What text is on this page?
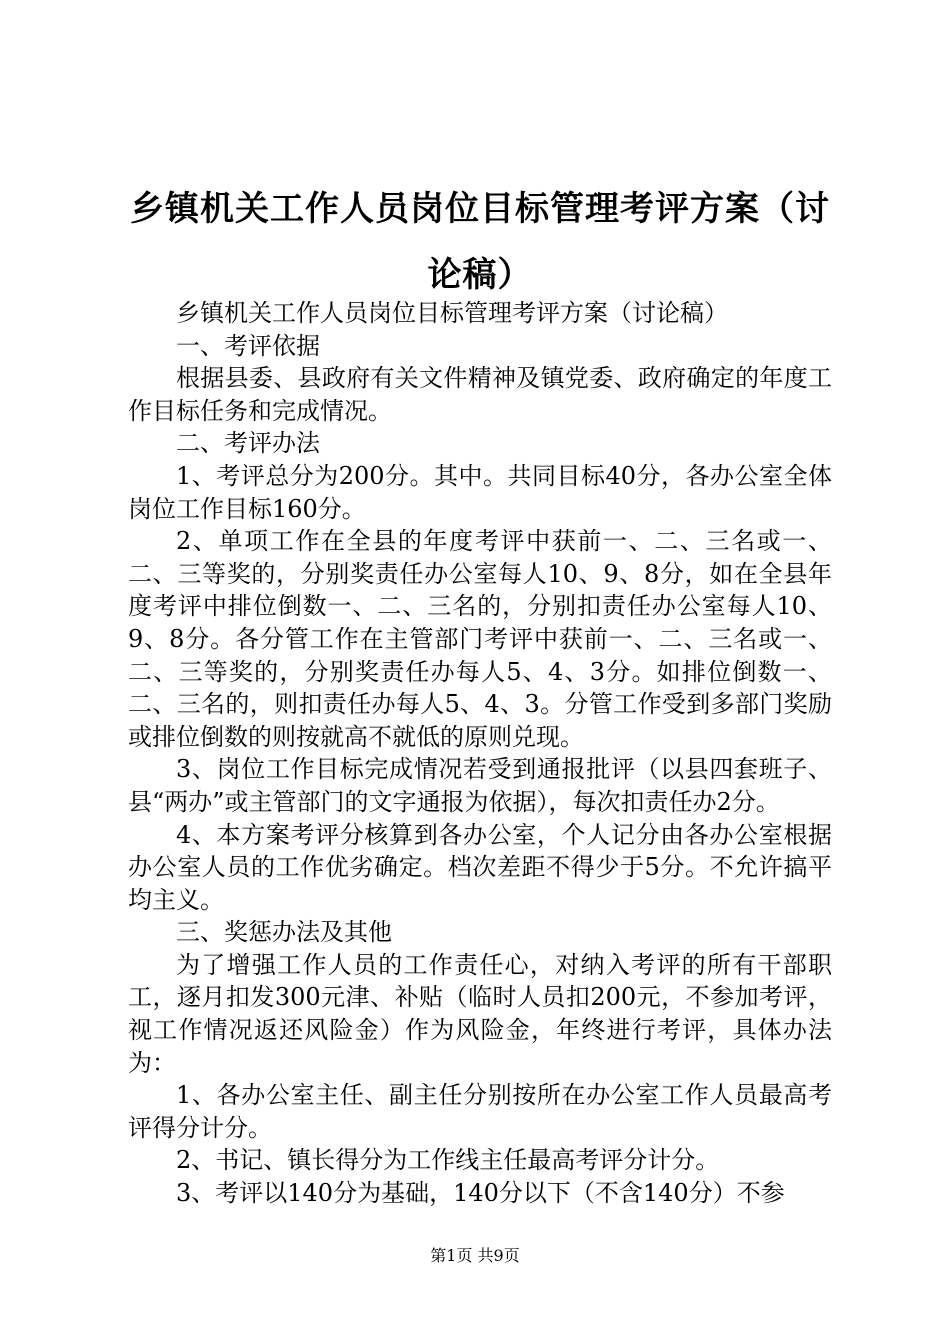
乡镇机关工作人员岗位目标管理考评方案（讨论稿）

乡镇机关工作人员岗位目标管理考评方案（讨论稿）

一、考评依据

根据县委、县政府有关文件精神及镇党委、政府确定的年度工作目标任务和完成情况。

二、考评办法

1、考评总分为200分。其中。共同目标40分，各办公室全体岗位工作目标160分。

2、单项工作在全县的年度考评中获前一、二、三名或一、二、三等奖的，分别奖责任办公室每人10、9、8分，如在全县年度考评中排位倒数一、二、三名的，分别扣责任办公室每人10、9、8分。各分管工作在主管部门考评中获前一、二、三名或一、二、三等奖的，分别奖责任办每人5、4、3分。如排位倒数一、二、三名的，则扣责任办每人5、4、3。分管工作受到多部门奖励或排位倒数的则按就高不就低的原则兑现。

3、岗位工作目标完成情况若受到通报批评（以县四套班子、县“两办”或主管部门的文字通报为依据），每次扣责任办2分。

4、本方案考评分核算到各办公室，个人记分由各办公室根据办公室人员的工作优劣确定。档次差距不得少于5分。不允许搞平均主义。

三、奖惩办法及其他

为了增强工作人员的工作责任心，对纳入考评的所有干部职工，逐月扣发300元津、补贴（临时人员扣200元，不参加考评，视工作情况返还风险金）作为风险金，年终进行考评，具体办法为：

1、各办公室主任、副主任分别按所在办公室工作人员最高考评得分计分。

2、书记、镇长得分为工作线主任最高考评分计分。

3、考评以140分为基础，140分以下（不含140分）不参

第1页 共9页
